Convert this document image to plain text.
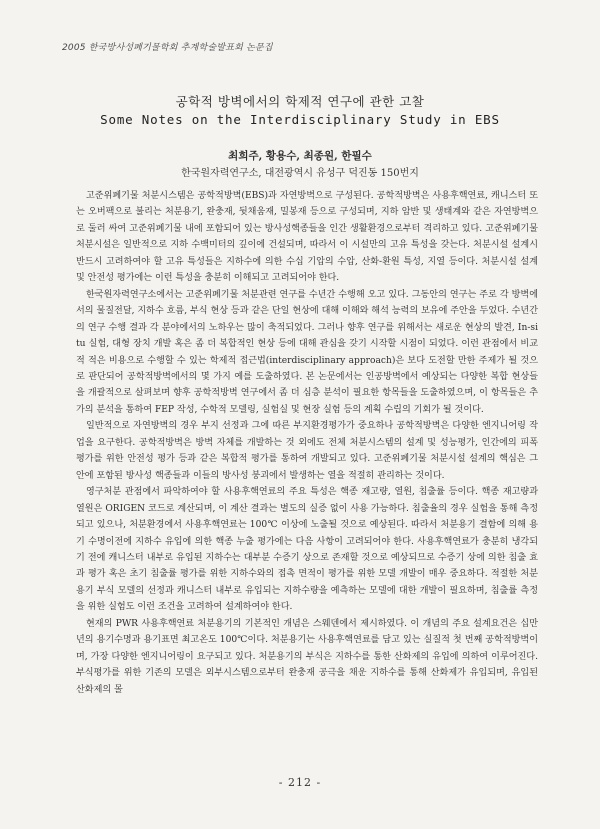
2005 한국방사성폐기물학회 추계학술발표회 논문집
공학적 방벽에서의 학제적 연구에 관한 고찰
Some Notes on the Interdisciplinary Study in EBS
최희주, 황용수, 최종원, 한필수
한국원자력연구소, 대전광역시 유성구 덕진동 150번지

고준위폐기물 처분시스템은 공학적방벽(EBS)과 자연방벽으로 구성된다. 공학적방벽은 사용후핵연료, 캐니스터 또는 오버팩으로 불리는 처분용기, 완충재, 뒷채움재, 밀봉재 등으로 구성되며, 지하 암반 및 생태계와 같은 자연방벽으로 둘러 싸여 고준위폐기물 내에 포함되어 있는 방사성핵종들을 인간 생활환경으로부터 격리하고 있다. 고준위폐기물 처분시설은 일반적으로 지하 수백미터의 깊이에 건설되며, 따라서 이 시설만의 고유 특성을 갖는다. 처분시설 설계시 반드시 고려하여야 할 고유 특성들은 지하수에 의한 수십 기압의 수압, 산화-환원 특성, 지열 등이다. 처분시설 설계 및 안전성 평가에는 이런 특성을 충분히 이해되고 고려되어야 한다.

한국원자력연구소에서는 고준위폐기물 처분관련 연구를 수년간 수행해 오고 있다. 그동안의 연구는 주로 각 방벽에서의 물질전달, 지하수 흐름, 부식 현상 등과 같은 단일 현상에 대해 이해와 해석 능력의 보유에 주안을 두었다. 수년간의 연구 수행 결과 각 분야에서의 노하우는 많이 축적되었다. 그러나 향후 연구를 위해서는 새로운 현상의 발견, In-situ 실험, 대형 장치 개발 혹은 좀 더 복합적인 현상 등에 대해 관심을 갖기 시작할 시점이 되었다. 이런 관점에서 비교적 적은 비용으로 수행할 수 있는 학제적 접근법(interdisciplinary approach)은 보다 도전할 만한 주제가 될 것으로 판단되어 공학적방벽에서의 몇 가지 예를 도출하였다. 본 논문에서는 인공방벽에서 예상되는 다양한 복합 현상들을 개괄적으로 살펴보며 향후 공학적방벽 연구에서 좀 더 심층 분석이 필요한 항목들을 도출하였으며, 이 항목들은 추가의 분석을 통하여 FEP 작성, 수학적 모델링, 실험실 및 현장 실험 등의 계획 수립의 기회가 될 것이다.

일반적으로 자연방벽의 경우 부지 선정과 그에 따른 부지환경평가가 중요하나 공학적방벽은 다양한 엔지니어링 작업을 요구한다. 공학적방벽은 방벽 자체를 개발하는 것 외에도 전체 처분시스템의 설계 및 성능평가, 인간에의 피폭 평가를 위한 안전성 평가 등과 같은 복합적 평가를 통하여 개발되고 있다. 고준위폐기물 처분시설 설계의 핵심은 그 안에 포함된 방사성 핵종들과 이들의 방사성 붕괴에서 발생하는 열을 적절히 관리하는 것이다.

영구처분 관점에서 파악하여야 할 사용후핵연료의 주요 특성은 핵종 재고량, 열원, 침출률 등이다. 핵종 재고량과 열원은 ORIGEN 코드로 계산되며, 이 계산 결과는 별도의 실증 없이 사용 가능하다. 침출율의 경우 실험을 통해 측정되고 있으나, 처분환경에서 사용후핵연료는 100℃ 이상에 노출될 것으로 예상된다. 따라서 처분용기 결함에 의해 용기 수명이전에 지하수 유입에 의한 핵종 누출 평가에는 다음 사항이 고려되어야 한다. 사용후핵연료가 충분히 냉각되기 전에 캐니스터 내부로 유입된 지하수는 대부분 수증기 상으로 존재할 것으로 예상되므로 수증기 상에 의한 침출 효과 평가 혹은 초기 침출률 평가를 위한 지하수와의 접촉 면적이 평가를 위한 모델 개발이 매우 중요하다. 적절한 처분용기 부식 모델의 선정과 캐니스터 내부로 유입되는 지하수량을 예측하는 모델에 대한 개발이 필요하며, 침출률 측정을 위한 실험도 이런 조건을 고려하여 설계하여야 한다.

현재의 PWR 사용후핵연료 처분용기의 기본적인 개념은 스웨덴에서 제시하였다. 이 개념의 주요 설계요건은 십만년의 용기수명과 용기표면 최고온도 100℃이다. 처분용기는 사용후핵연료를 담고 있는 실질적 첫 번째 공학적방벽이며, 가장 다양한 엔지니어링이 요구되고 있다. 처분용기의 부식은 지하수를 통한 산화제의 유입에 의하여 이루어진다. 부식평가를 위한 기존의 모델은 외부시스템으로부터 완충재 공극을 채운 지하수를 통해 산화제가 유입되며, 유입된 산화제의 몰

- 212 -
